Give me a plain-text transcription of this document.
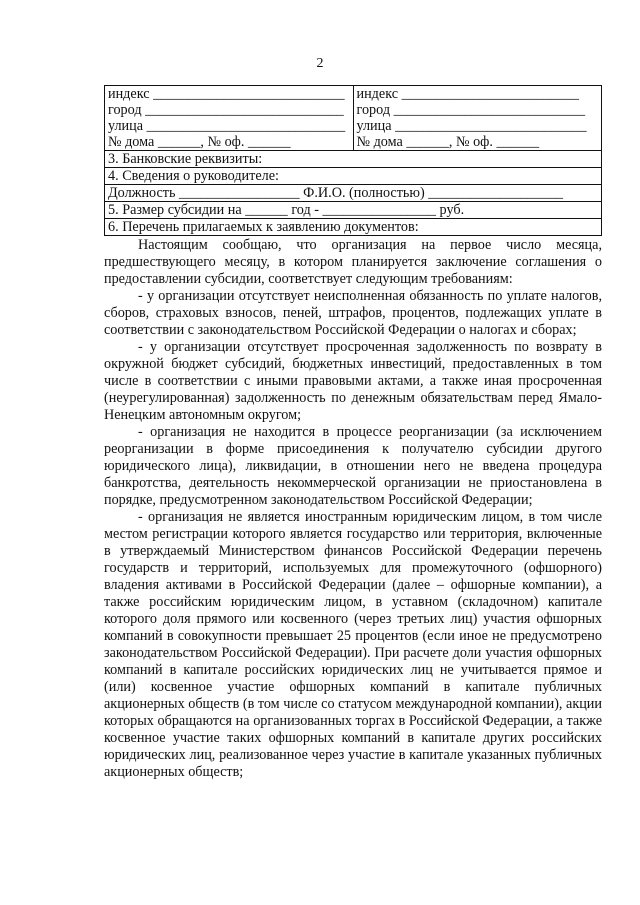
2
индекс ___________________________
город ____________________________
улица ____________________________
№ дома ______, № оф. ______

индекс _________________________
город ___________________________
улица ___________________________
№ дома ______, № оф. ______

3. Банковские реквизиты:
4. Сведения о руководителе:
Должность _________________ Ф.И.О. (полностью) ___________________
5. Размер субсидии на ______ год - ________________ руб.
6. Перечень прилагаемых к заявлению документов:

Настоящим сообщаю, что организация на первое число месяца, предшествующего месяцу, в котором планируется заключение соглашения о предоставлении субсидии, соответствует следующим требованиям:

- у организации отсутствует неисполненная обязанность по уплате налогов, сборов, страховых взносов, пеней, штрафов, процентов, подлежащих уплате в соответствии с законодательством Российской Федерации о налогах и сборах;

- у организации отсутствует просроченная задолженность по возврату в окружной бюджет субсидий, бюджетных инвестиций, предоставленных в том числе в соответствии с иными правовыми актами, а также иная просроченная (неурегулированная) задолженность по денежным обязательствам перед Ямало-Ненецким автономным округом;

- организация не находится в процессе реорганизации (за исключением реорганизации в форме присоединения к получателю субсидии другого юридического лица), ликвидации, в отношении него не введена процедура банкротства, деятельность некоммерческой организации не приостановлена в порядке, предусмотренном законодательством Российской Федерации;

- организация не является иностранным юридическим лицом, в том числе местом регистрации которого является государство или территория, включенные в утверждаемый Министерством финансов Российской Федерации перечень государств и территорий, используемых для промежуточного (офшорного) владения активами в Российской Федерации (далее – офшорные компании), а также российским юридическим лицом, в уставном (складочном) капитале которого доля прямого или косвенного (через третьих лиц) участия офшорных компаний в совокупности превышает 25 процентов (если иное не предусмотрено законодательством Российской Федерации). При расчете доли участия офшорных компаний в капитале российских юридических лиц не учитывается прямое и (или) косвенное участие офшорных компаний в капитале публичных акционерных обществ (в том числе со статусом международной компании), акции которых обращаются на организованных торгах в Российской Федерации, а также косвенное участие таких офшорных компаний в капитале других российских юридических лиц, реализованное через участие в капитале указанных публичных акционерных обществ;
